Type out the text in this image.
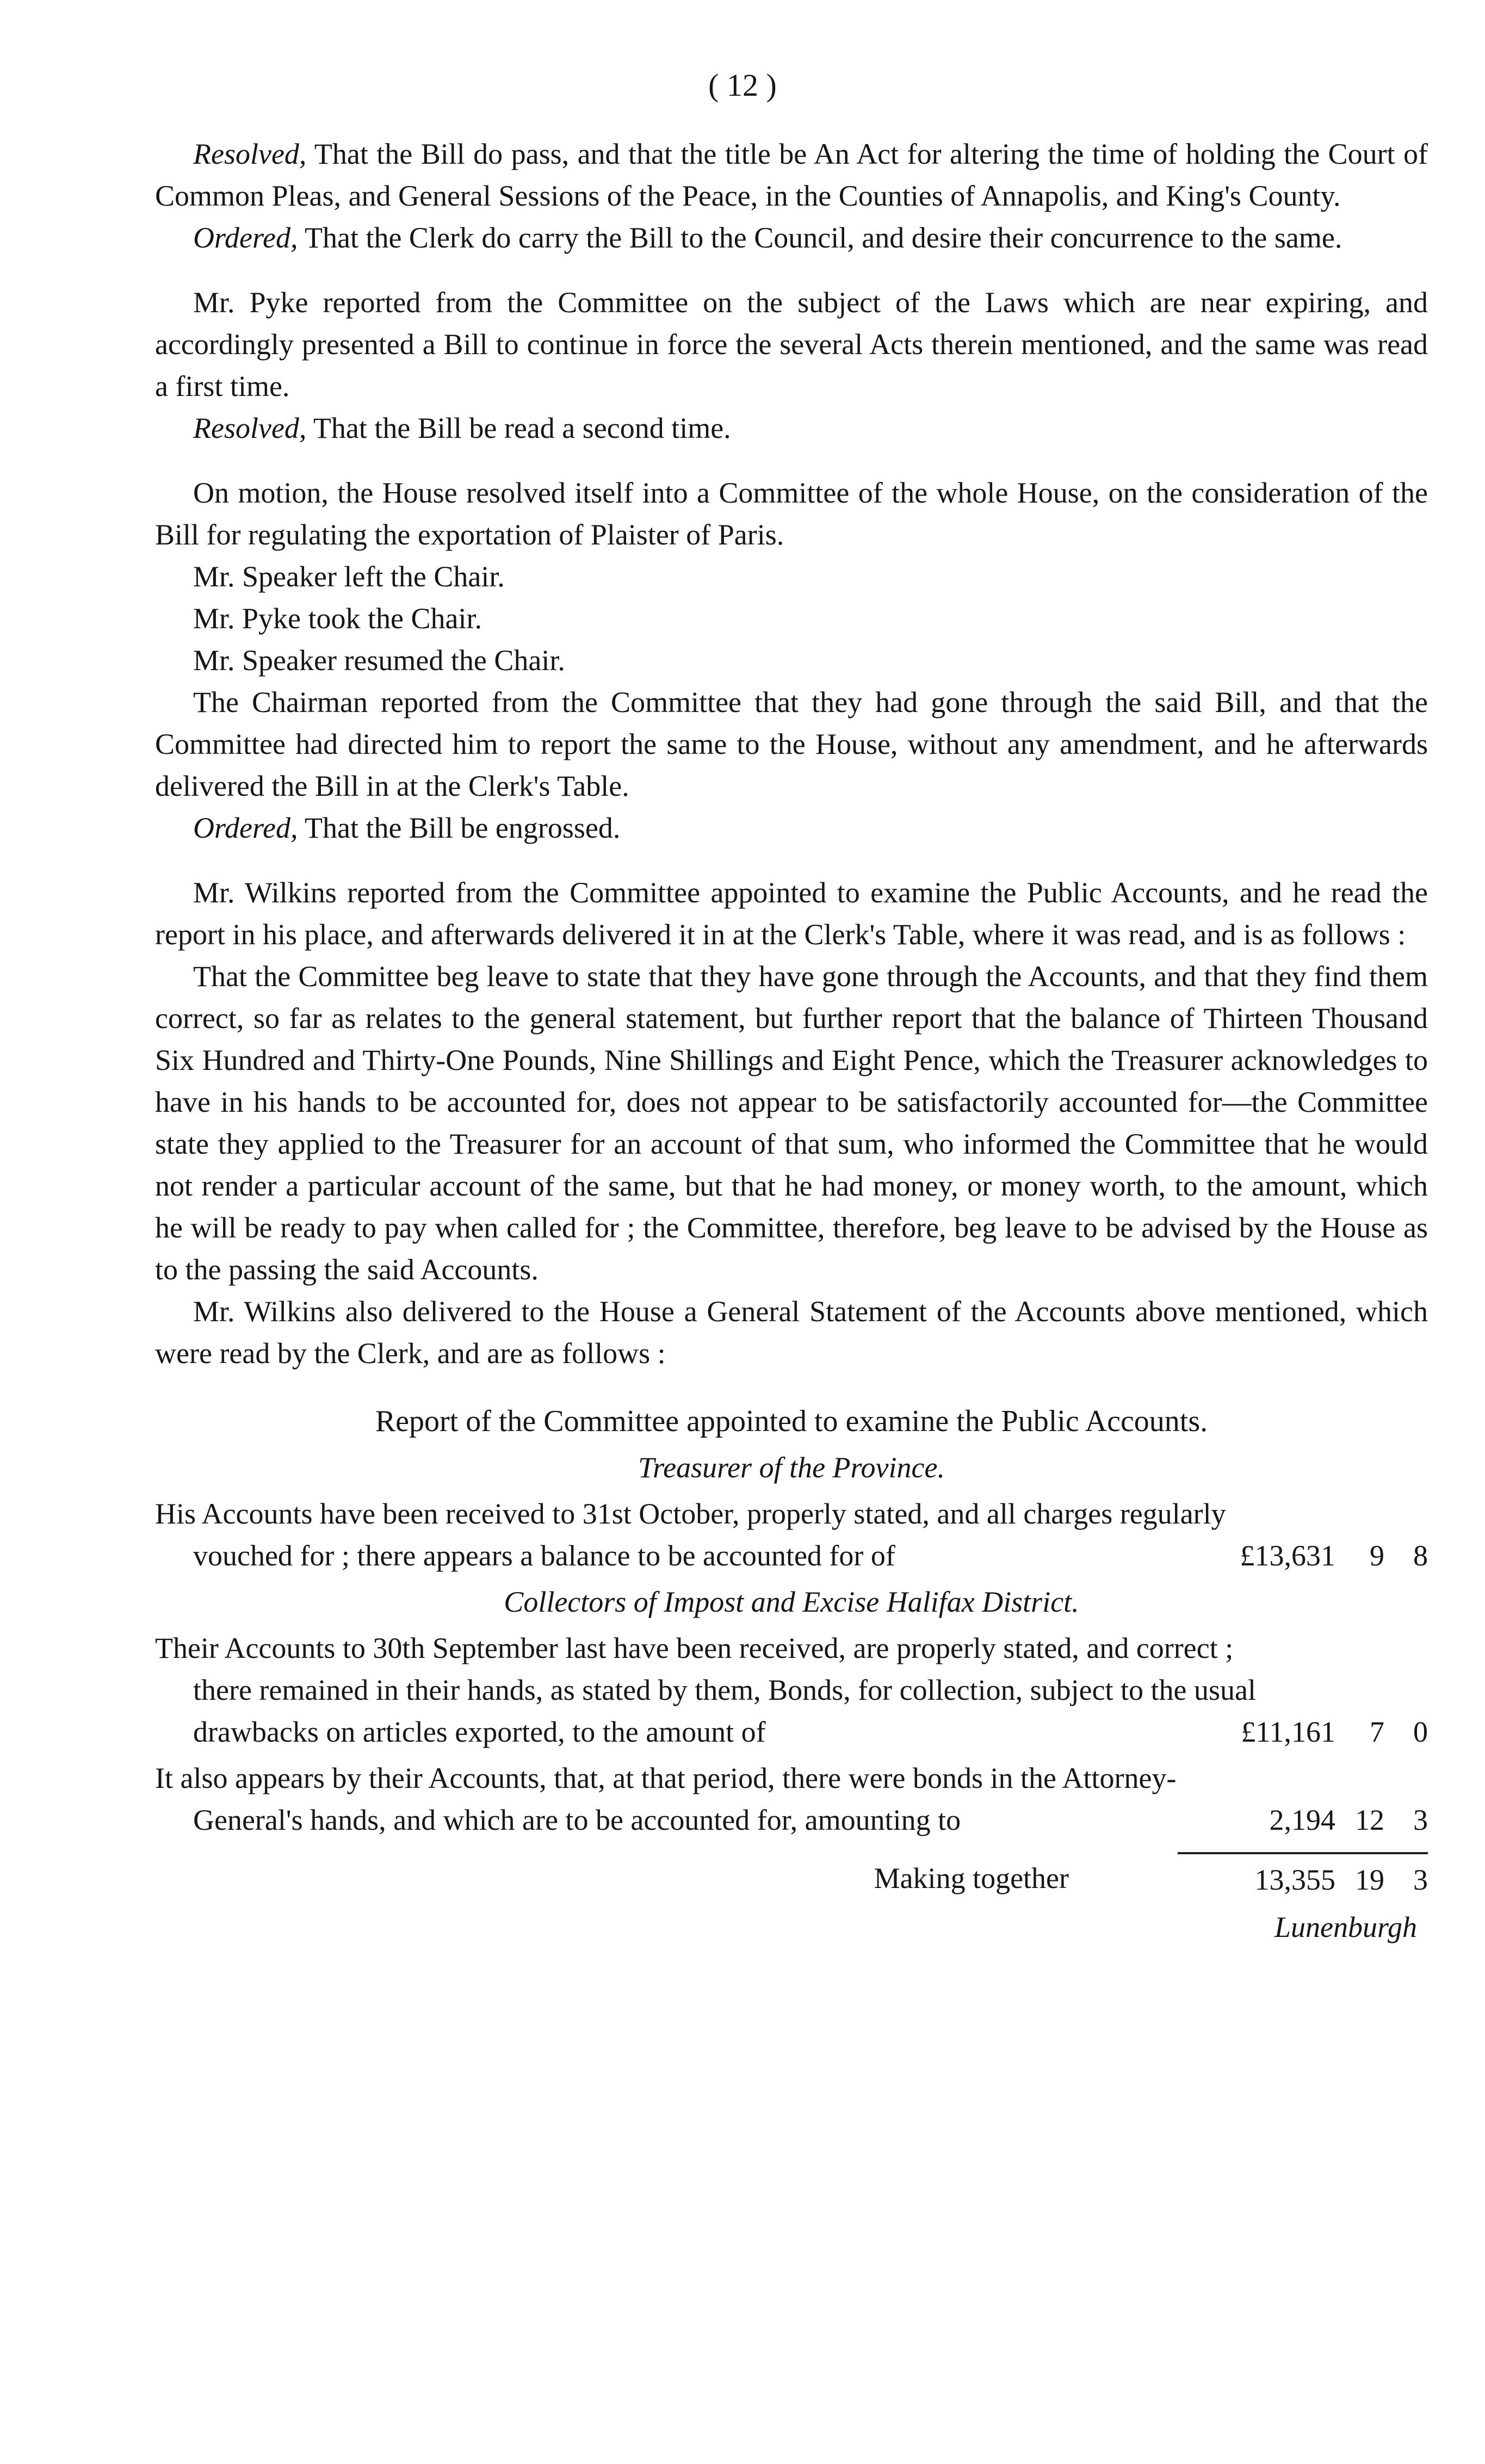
( 12 )

Resolved, That the Bill do pass, and that the title be An Act for altering the time of holding the Court of Common Pleas, and General Sessions of the Peace, in the Counties of Annapolis, and King's County.

Ordered, That the Clerk do carry the Bill to the Council, and desire their concurrence to the same.

Mr. Pyke reported from the Committee on the subject of the Laws which are near expiring, and accordingly presented a Bill to continue in force the several Acts therein mentioned, and the same was read a first time.

Resolved, That the Bill be read a second time.

On motion, the House resolved itself into a Committee of the whole House, on the consideration of the Bill for regulating the exportation of Plaister of Paris.

Mr. Speaker left the Chair.

Mr. Pyke took the Chair.

Mr. Speaker resumed the Chair.

The Chairman reported from the Committee that they had gone through the said Bill, and that the Committee had directed him to report the same to the House, without any amendment, and he afterwards delivered the Bill in at the Clerk's Table.

Ordered, That the Bill be engrossed.

Mr. Wilkins reported from the Committee appointed to examine the Public Accounts, and he read the report in his place, and afterwards delivered it in at the Clerk's Table, where it was read, and is as follows :

That the Committee beg leave to state that they have gone through the Accounts, and that they find them correct, so far as relates to the general statement, but further report that the balance of Thirteen Thousand Six Hundred and Thirty-One Pounds, Nine Shillings and Eight Pence, which the Treasurer acknowledges to have in his hands to be accounted for, does not appear to be satisfactorily accounted for—the Committee state they applied to the Treasurer for an account of that sum, who informed the Committee that he would not render a particular account of the same, but that he had money, or money worth, to the amount, which he will be ready to pay when called for ; the Committee, therefore, beg leave to be advised by the House as to the passing the said Accounts.

Mr. Wilkins also delivered to the House a General Statement of the Accounts above mentioned, which were read by the Clerk, and are as follows :

Report of the Committee appointed to examine the Public Accounts.
Treasurer of the Province.
His Accounts have been received to 31st October, properly stated, and all charges regularly vouched for ; there appears a balance to be accounted for of	£13,631 9 8
Collectors of Impost and Excise Halifax District.
Their Accounts to 30th September last have been received, are properly stated, and correct ; there remained in their hands, as stated by them, Bonds, for collection, subject to the usual drawbacks on articles exported, to the amount of	£11,161 7 0
It also appears by their Accounts, that, at that period, there were bonds in the Attorney-General's hands, and which are to be accounted for, amounting to	2,194 12 3
Making together	13,355 19 3
Lunenburgh
